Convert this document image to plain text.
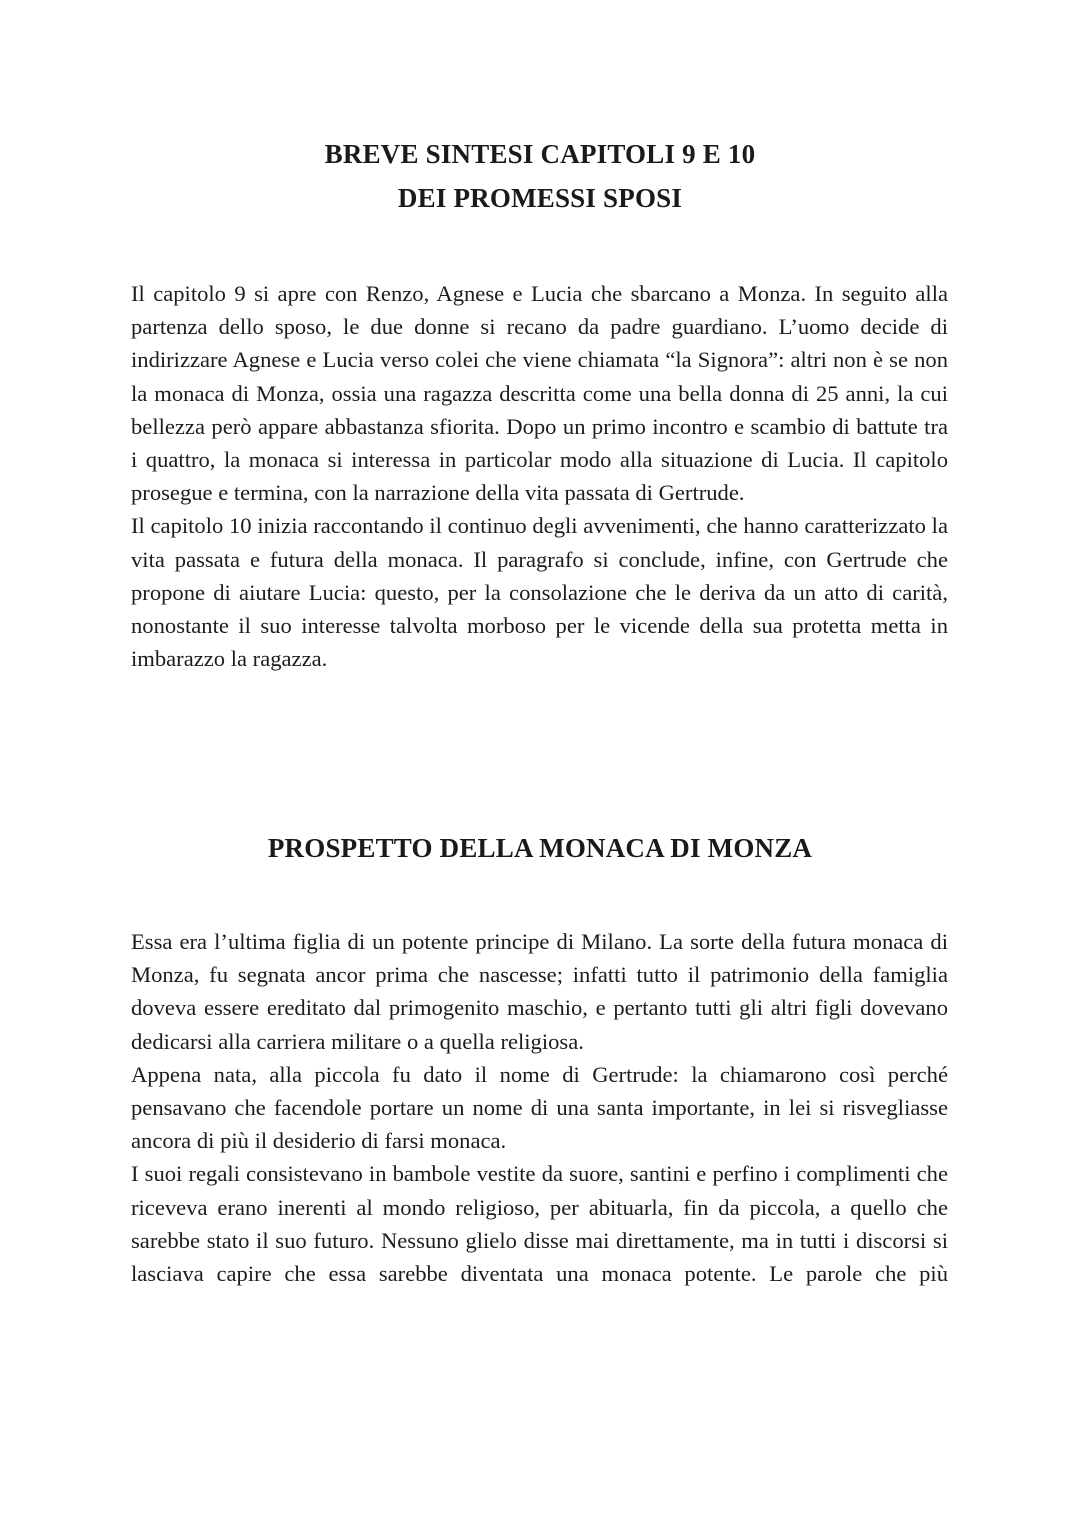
BREVE SINTESI CAPITOLI 9 E 10
DEI PROMESSI SPOSI

Il capitolo 9 si apre con Renzo, Agnese e Lucia che sbarcano a Monza. In seguito alla partenza dello sposo, le due donne si recano da padre guardiano. L’uomo decide di indirizzare Agnese e Lucia verso colei che viene chiamata “la Signora”: altri non è se non la monaca di Monza, ossia una ragazza descritta come una bella donna di 25 anni, la cui bellezza però appare abbastanza sfiorita. Dopo un primo incontro e scambio di battute tra i quattro, la monaca si interessa in particolar modo alla situazione di Lucia. Il capitolo prosegue e termina, con la narrazione della vita passata di Gertrude.

Il capitolo 10 inizia raccontando il continuo degli avvenimenti, che hanno caratterizzato la vita passata e futura della monaca. Il paragrafo si conclude, infine, con Gertrude che propone di aiutare Lucia: questo, per la consolazione che le deriva da un atto di carità, nonostante il suo interesse talvolta morboso per le vicende della sua protetta metta in imbarazzo la ragazza.

PROSPETTO DELLA MONACA DI MONZA

Essa era l’ultima figlia di un potente principe di Milano. La sorte della futura monaca di Monza, fu segnata ancor prima che nascesse; infatti tutto il patrimonio della famiglia doveva essere ereditato dal primogenito maschio, e pertanto tutti gli altri figli dovevano dedicarsi alla carriera militare o a quella religiosa.

Appena nata, alla piccola fu dato il nome di Gertrude: la chiamarono così perché pensavano che facendole portare un nome di una santa importante, in lei si risvegliasse ancora di più il desiderio di farsi monaca.

I suoi regali consistevano in bambole vestite da suore, santini e perfino i complimenti che riceveva erano inerenti al mondo religioso, per abituarla, fin da piccola, a quello che sarebbe stato il suo futuro. Nessuno glielo disse mai direttamente, ma in tutti i discorsi si lasciava capire che essa sarebbe diventata una monaca potente. Le parole che più
